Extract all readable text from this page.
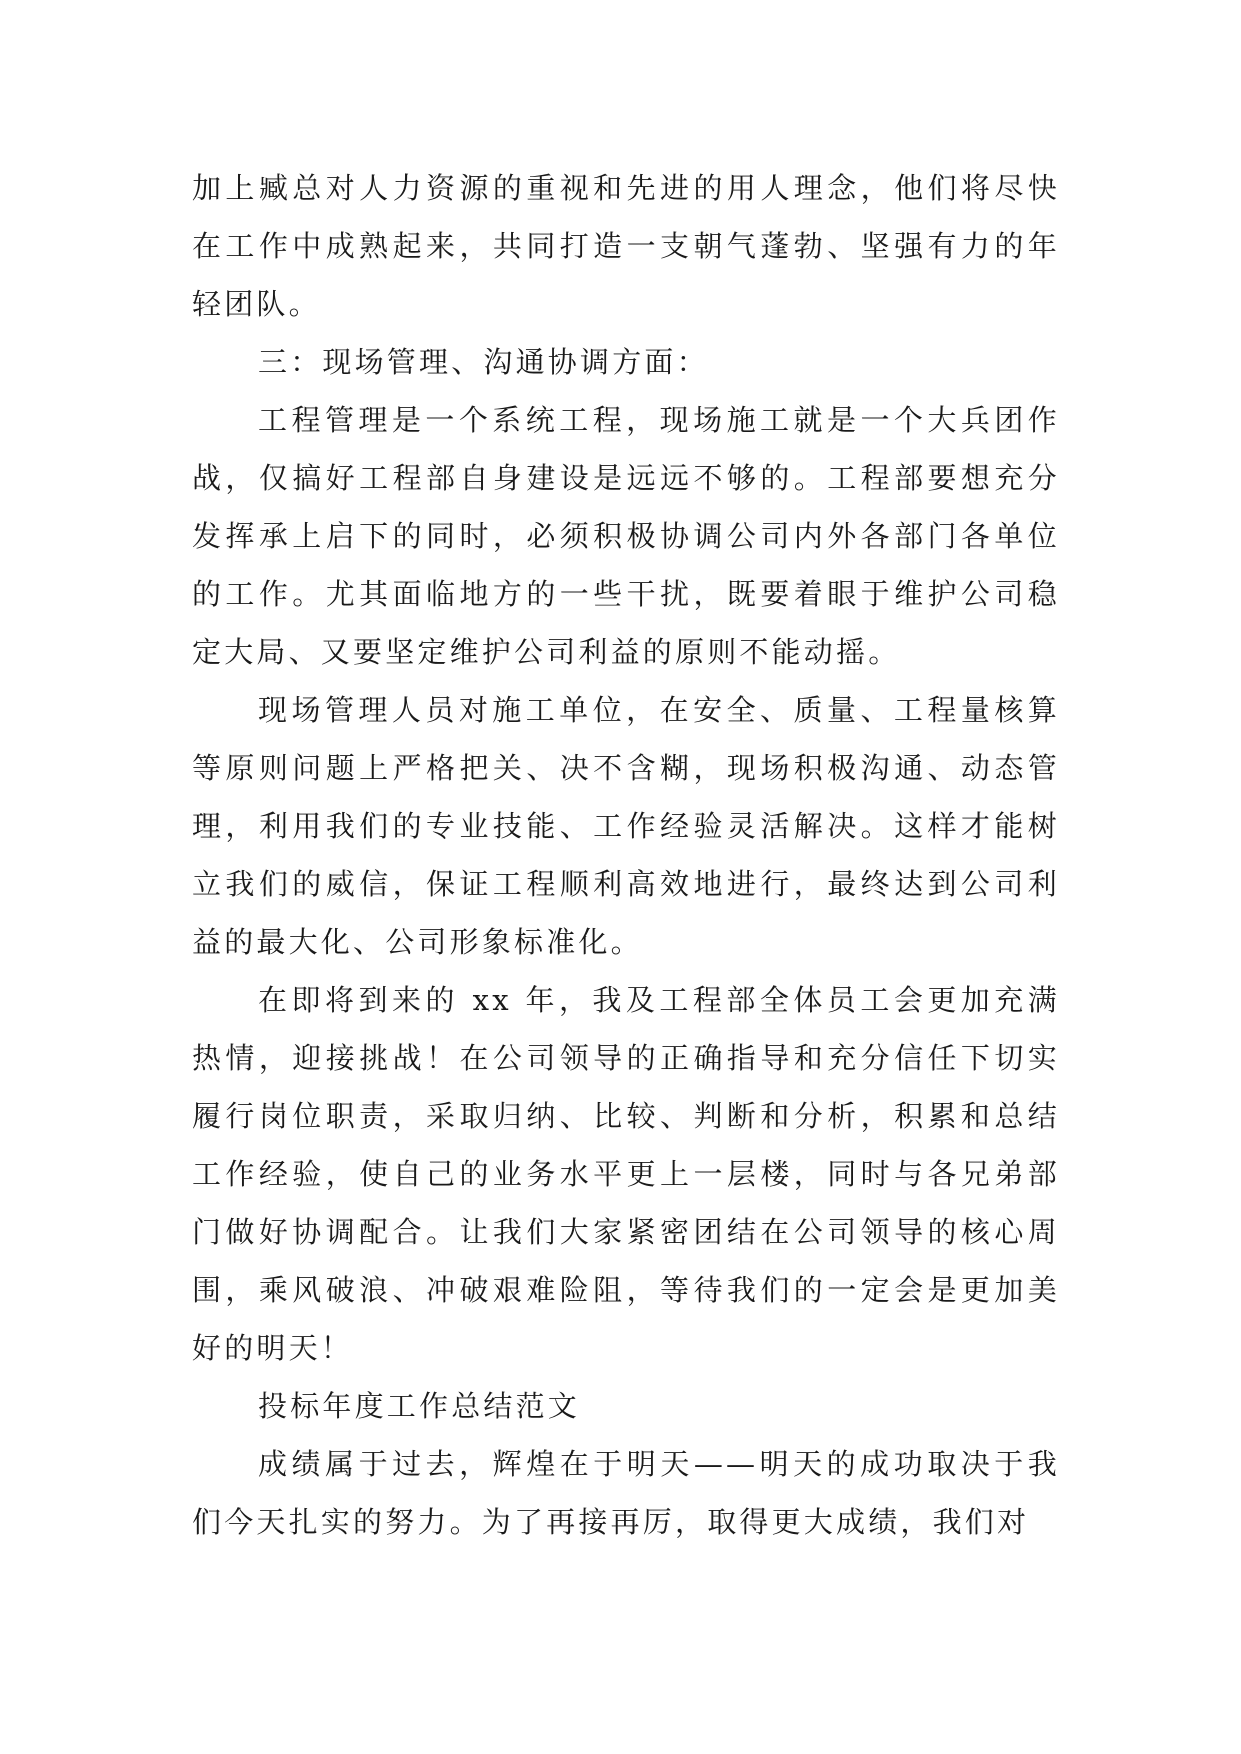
加上臧总对人力资源的重视和先进的用人理念，他们将尽快在工作中成熟起来，共同打造一支朝气蓬勃、坚强有力的年轻团队。

三：现场管理、沟通协调方面：

工程管理是一个系统工程，现场施工就是一个大兵团作战，仅搞好工程部自身建设是远远不够的。工程部要想充分发挥承上启下的同时，必须积极协调公司内外各部门各单位的工作。尤其面临地方的一些干扰，既要着眼于维护公司稳定大局、又要坚定维护公司利益的原则不能动摇。

现场管理人员对施工单位，在安全、质量、工程量核算等原则问题上严格把关、决不含糊，现场积极沟通、动态管理，利用我们的专业技能、工作经验灵活解决。这样才能树立我们的威信，保证工程顺利高效地进行，最终达到公司利益的最大化、公司形象标准化。

在即将到来的 xx 年，我及工程部全体员工会更加充满热情，迎接挑战！在公司领导的正确指导和充分信任下切实履行岗位职责，采取归纳、比较、判断和分析，积累和总结工作经验，使自己的业务水平更上一层楼，同时与各兄弟部门做好协调配合。让我们大家紧密团结在公司领导的核心周围，乘风破浪、冲破艰难险阻，等待我们的一定会是更加美好的明天！

投标年度工作总结范文

成绩属于过去，辉煌在于明天——明天的成功取决于我们今天扎实的努力。为了再接再厉，取得更大成绩，我们对
